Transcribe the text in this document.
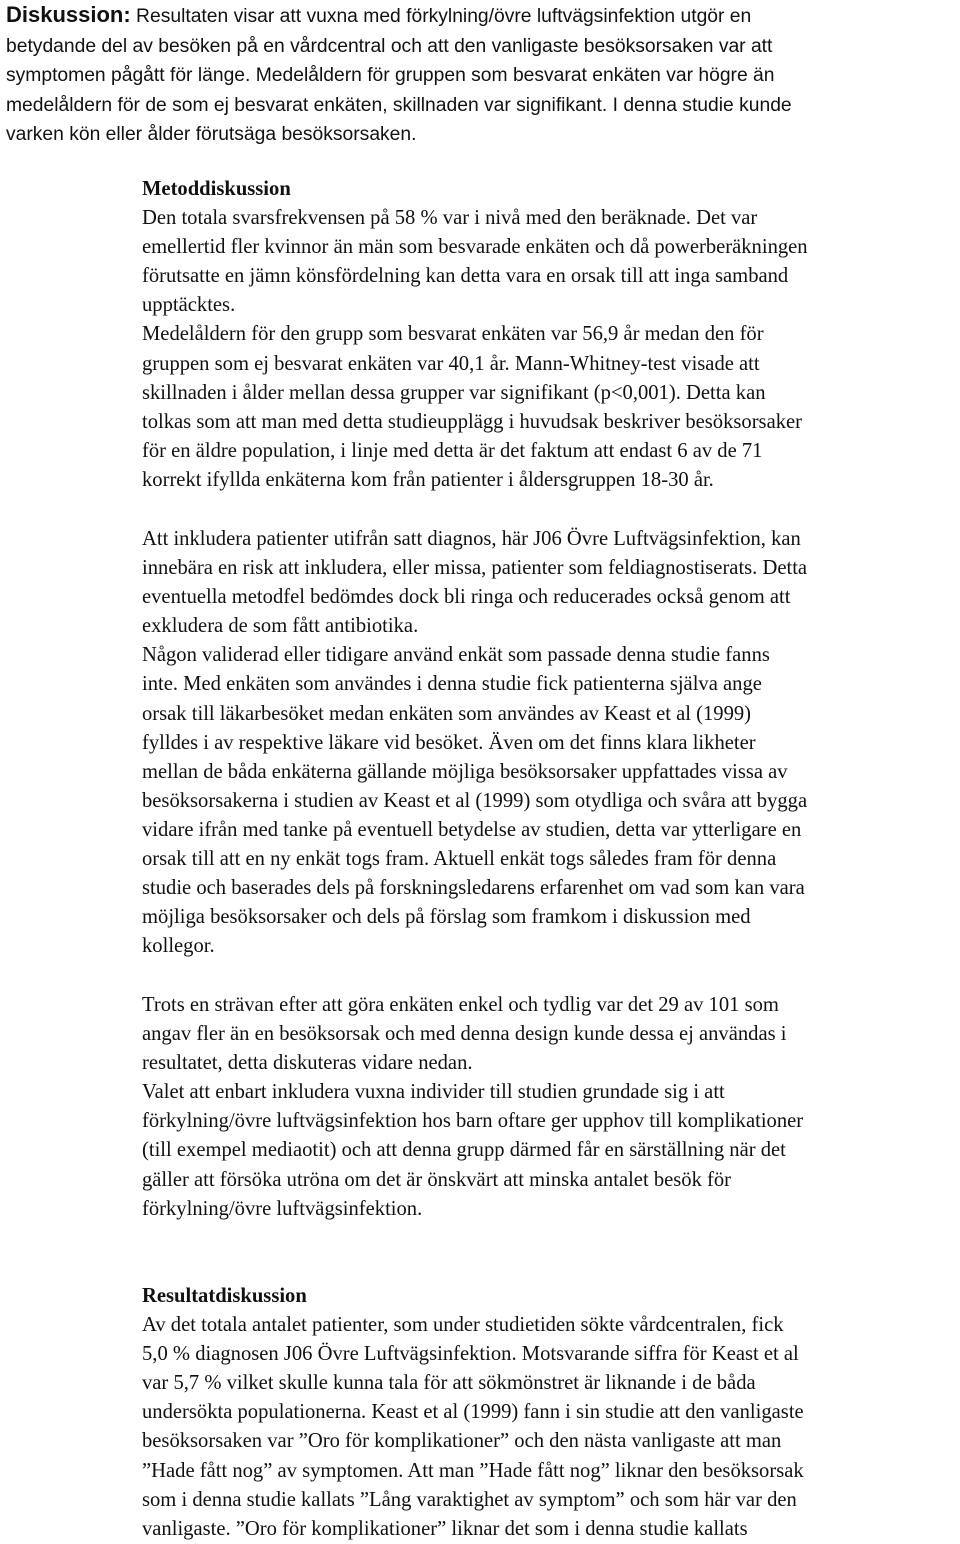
Diskussion: Resultaten visar att vuxna med förkylning/övre luftvägsinfektion utgör en
betydande del av besöken på en vårdcentral och att den vanligaste besöksorsaken var att
symptomen pågått för länge. Medelåldern för gruppen som besvarat enkäten var högre än
medelåldern för de som ej besvarat enkäten, skillnaden var signifikant. I denna studie kunde
varken kön eller ålder förutsäga besöksorsaken.
Metoddiskussion

Den totala svarsfrekvensen på 58 % var i nivå med den beräknade. Det var
emellertid fler kvinnor än män som besvarade enkäten och då powerberäkningen
förutsatte en jämn könsfördelning kan detta vara en orsak till att inga samband
upptäcktes.

Medelåldern för den grupp som besvarat enkäten var 56,9 år medan den för
gruppen som ej besvarat enkäten var 40,1 år. Mann-Whitney-test visade att
skillnaden i ålder mellan dessa grupper var signifikant (p<0,001). Detta kan
tolkas som att man med detta studieupplägg i huvudsak beskriver besöksorsaker
för en äldre population, i linje med detta är det faktum att endast 6 av de 71
korrekt ifyllda enkäterna kom från patienter i åldersgruppen 18-30 år.

Att inkludera patienter utifrån satt diagnos, här J06 Övre Luftvägsinfektion, kan
innebära en risk att inkludera, eller missa, patienter som feldiagnostiserats. Detta
eventuella metodfel bedömdes dock bli ringa och reducerades också genom att
exkludera de som fått antibiotika.

Någon validerad eller tidigare använd enkät som passade denna studie fanns
inte. Med enkäten som användes i denna studie fick patienterna själva ange
orsak till läkarbesöket medan enkäten som användes av Keast et al (1999)
fylldes i av respektive läkare vid besöket. Även om det finns klara likheter
mellan de båda enkäterna gällande möjliga besöksorsaker uppfattades vissa av
besöksorsakerna i studien av Keast et al (1999) som otydliga och svåra att bygga
vidare ifrån med tanke på eventuell betydelse av studien, detta var ytterligare en
orsak till att en ny enkät togs fram. Aktuell enkät togs således fram för denna
studie och baserades dels på forskningsledarens erfarenhet om vad som kan vara
möjliga besöksorsaker och dels på förslag som framkom i diskussion med
kollegor.

Trots en strävan efter att göra enkäten enkel och tydlig var det 29 av 101 som
angav fler än en besöksorsak och med denna design kunde dessa ej användas i
resultatet, detta diskuteras vidare nedan.

Valet att enbart inkludera vuxna individer till studien grundade sig i att
förkylning/övre luftvägsinfektion hos barn oftare ger upphov till komplikationer
(till exempel mediaotit) och att denna grupp därmed får en särställning när det
gäller att försöka utröna om det är önskvärt att minska antalet besök för
förkylning/övre luftvägsinfektion.

Resultatdiskussion

Av det totala antalet patienter, som under studietiden sökte vårdcentralen, fick
5,0 % diagnosen J06 Övre Luftvägsinfektion. Motsvarande siffra för Keast et al
var 5,7 % vilket skulle kunna tala för att sökmönstret är liknande i de båda
undersökta populationerna. Keast et al (1999) fann i sin studie att den vanligaste
besöksorsaken var ”Oro för komplikationer” och den nästa vanligaste att man
”Hade fått nog” av symptomen. Att man ”Hade fått nog” liknar den besöksorsak
som i denna studie kallats ”Lång varaktighet av symptom” och som här var den
vanligaste. ”Oro för komplikationer” liknar det som i denna studie kallats
